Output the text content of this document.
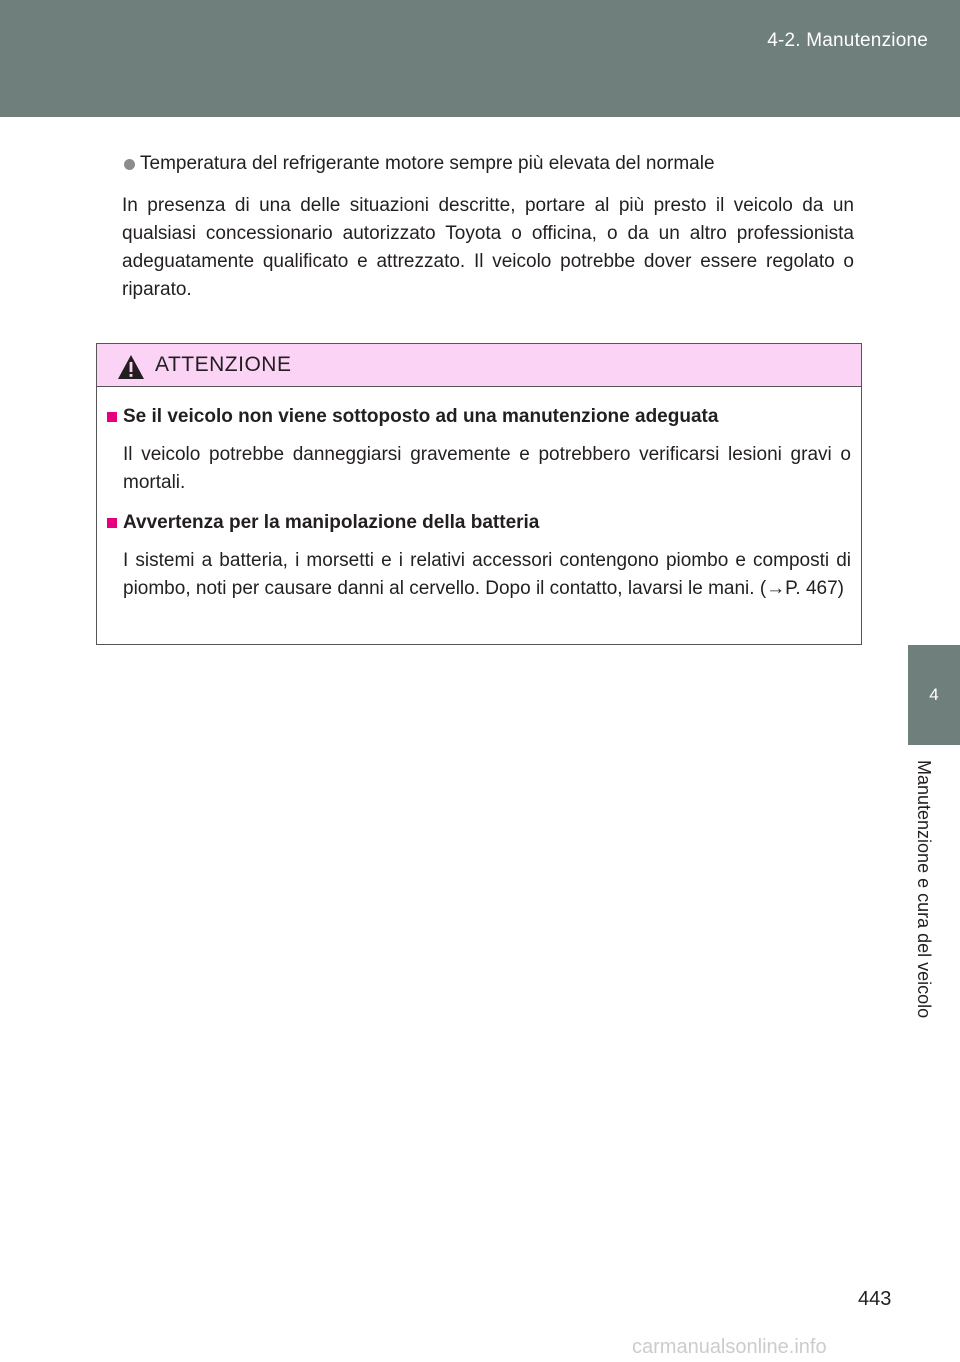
4-2. Manutenzione
4
Manutenzione e cura del veicolo

Temperatura del refrigerante motore sempre più elevata del normale

In presenza di una delle situazioni descritte, portare al più presto il veicolo da un qualsiasi concessionario autorizzato Toyota o officina, o da un altro professionista adeguatamente qualificato e attrezzato. Il veicolo potrebbe dover essere regolato o riparato.

ATTENZIONE

Se il veicolo non viene sottoposto ad una manutenzione adeguata

Il veicolo potrebbe danneggiarsi gravemente e potrebbero verificarsi lesioni gravi o mortali.

Avvertenza per la manipolazione della batteria

I sistemi a batteria, i morsetti e i relativi accessori contengono piombo e composti di piombo, noti per causare danni al cervello. Dopo il contatto, lavarsi le mani. (→P. 467)

443
carmanualsonline.info
